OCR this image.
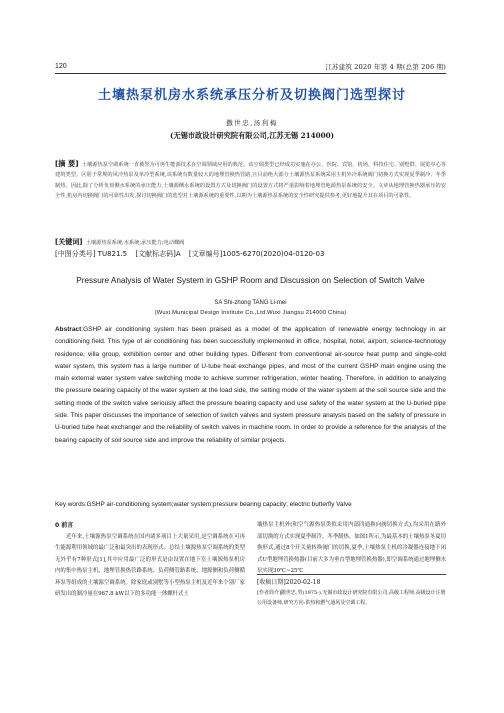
120	江苏建筑 2020 年第 4 期(总第 206 期)
土壤热泵机房水系统承压分析及切换阀门选型探讨
撒世忠,汤利梅
(无锡市政设计研究院有限公司,江苏无锡 214000)
[摘 要] 土壤源热泵空调系统一直被誉为可再生能源技术在空调领域应用的典范。该空调类型已经成功实施在办公、医院、宾馆、机场、科技住宅、别墅群、展览中心等建筑类型。区别于常规的风冷热泵及单冷型系统,该系统有数量较大的地埋管换热管路,且目前绝大部分土壤源热泵系统采用主机外冷系统阀门切换方式实现夏季制冷、冬季制热。因此,除了分析负荷侧水系统的承压能力,土壤源侧水系统的设置方式及切换阀门的设置方式将严重影响着地埋管地源热泵系统的安全。文章从地埋管换热器承压的安全性,机房内切换阀门的可靠性出发,探讨切换阀门的选型对土壤源系统的重要性,以期为土壤源热泵系统的安全性研究提供参考,更好地提升其在项目的可靠性。
[关键词] 土壤源热泵系统;水系统;承压能力;电动蝶阀
[中图分类号] TU821.5 [文献标志码]A [文章编号]1005-6270(2020)04-0120-03
Pressure Analysis of Water System in GSHP Room and Discussion on Selection of Switch Valve
SA Shi-zhong TANG Li-mei
(Wuxi Municipal Design Institute Co.,Ltd.Wuxi Jiangsu 214000 China)
Abstract:GSHP air conditioning system has been praised as a model of the application of renewable energy technology in air conditioning field. This type of air conditioning has been successfully implemented in office, hospital, hotel, airport, science-technology residence, villa group, exhibition center and other building types. Different from conventional air-source heat pump and single-cold water system, this system has a large number of U-tube heat exchange pipes, and most of the current GSHP main engine using the main external water system valve switching mode to achieve summer refrigeration, winter heating. Therefore, in addition to analyzing the pressure bearing capacity of the water system at the load side, the setting mode of the water system at the soil source side and the setting mode of the switch valve seriously affect the pressure bearing capacity and use safety of the water system at the U-buried pipe side. This paper discusses the importance of selection of switch valves and system pressure analysis based on the safety of pressure in U-buried tube heat exchanger and the reliability of switch valves in machine room. In order to provide a reference for the analysis of the bearing capacity of soil source side and improve the reliability of similar projects.
Key words:GSHP air-conditioning system;water system;pressure bearing capacity; electric butterfly Valve
0 前言
近年来,土壤源热泵空调系统在国内诸多项目上大量采用,是空调系统在可再生能源利用领域的最广泛和最突出的表现形式。总结土壤源热泵空调系统的类型无外乎有7种形式[1],其中应用最广泛的形式是由设置在地下室土壤源热泵机房内的集中热泵主机、地埋管换热管路系统、负荷侧管路系统、地源侧和负荷侧循环泵等组成的土壤源空调系统。除家庭或别墅等小型热泵主机及近年来个别厂家研发出的制冷量在967.8 kW以下的多功能一体螺杆式土
壤热泵主机外(和空气源热泵类似采用内部四通换向阀切换方式),均采用在路外部切换的方式实现夏季制冷、冬季制热。如图1所示,为最基本的土壤热泵冬夏切换形式,通过8个开关量转换阀门的切换,夏季,土壤热泵主机的冷凝器连接地下闭式U型地埋管换热器(目前大多为垂直型地埋管换热器),即空调系统通过地埋侧水泵实现30℃~25℃
[收稿日期]2020-02-18
[作者简介]撒世忠,男(1975-),无锡市政设计研究院有限公司,高级工程师,高级设计注册公用设备师,研究方向:供热和燃气通风及空调工程。
